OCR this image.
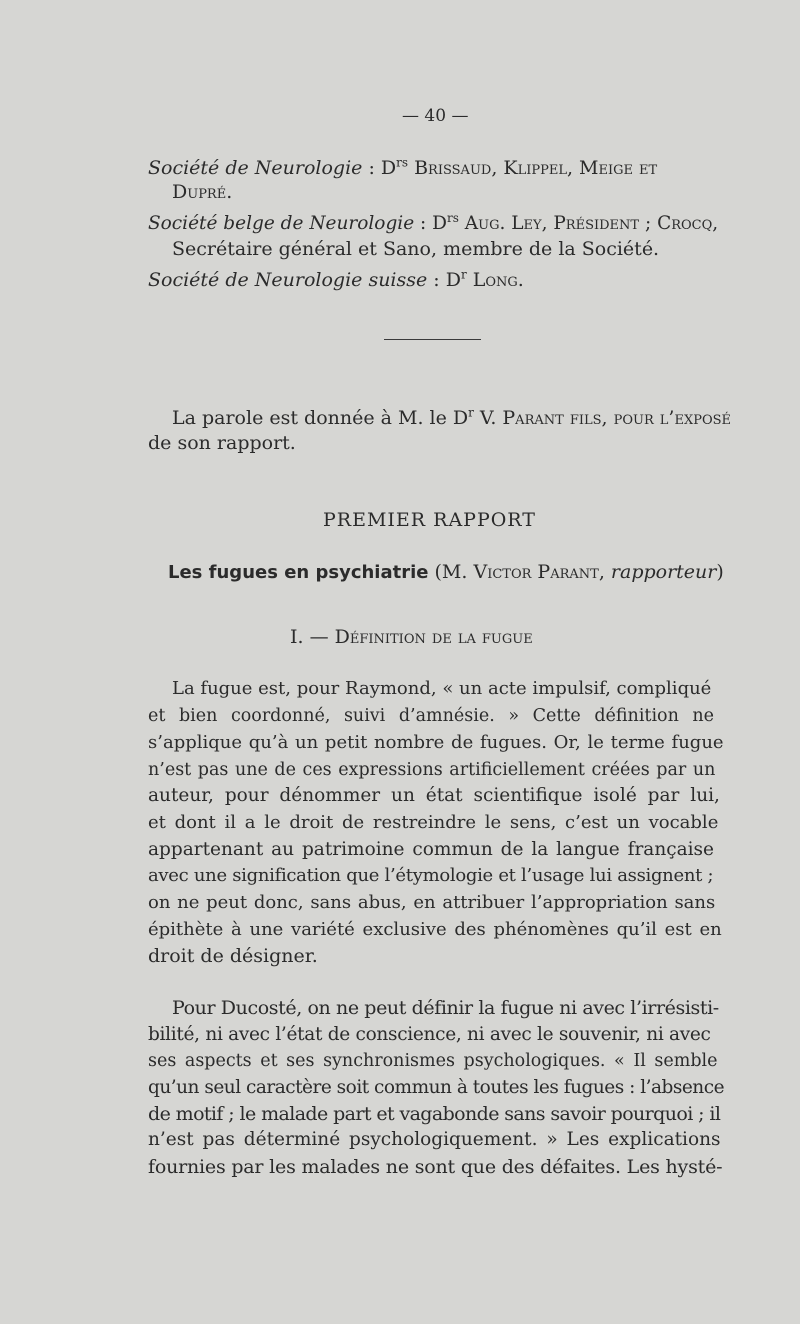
— 40 —
Société de Neurologie : $D^{rs}$ Brissaud, Klippel, Meige et
Dupré.
Société belge de Neurologie : $D^{rs}$ Aug. Ley, Président ; Crocq,
Secrétaire général et Sano, membre de la Société.
Société de Neurologie suisse : $D^r$ Long.
La parole est donnée à M. le $D^r$ V. Parant fils, pour l’exposé
de son rapport.
PREMIER RAPPORT
Les fugues en psychiatrie (M. Victor Parant, rapporteur)
I. — Définition de la fugue
La fugue est, pour Raymond, « un acte impulsif, compliqué
et bien coordonné, suivi d’amnésie. » Cette définition ne
s’applique qu’à un petit nombre de fugues. Or, le terme fugue
n’est pas une de ces expressions artificiellement créées par un
auteur, pour dénommer un état scientifique isolé par lui,
et dont il a le droit de restreindre le sens, c’est un vocable
appartenant au patrimoine commun de la langue française
avec une signification que l’étymologie et l’usage lui assignent ;
on ne peut donc, sans abus, en attribuer l’appropriation sans
épithète à une variété exclusive des phénomènes qu’il est en
droit de désigner.
Pour Ducosté, on ne peut définir la fugue ni avec l’irrésisti-
bilité, ni avec l’état de conscience, ni avec le souvenir, ni avec
ses aspects et ses synchronismes psychologiques. « Il semble
qu’un seul caractère soit commun à toutes les fugues : l’absence
de motif ; le malade part et vagabonde sans savoir pourquoi ; il
n’est pas déterminé psychologiquement. » Les explications
fournies par les malades ne sont que des défaites. Les hysté-
